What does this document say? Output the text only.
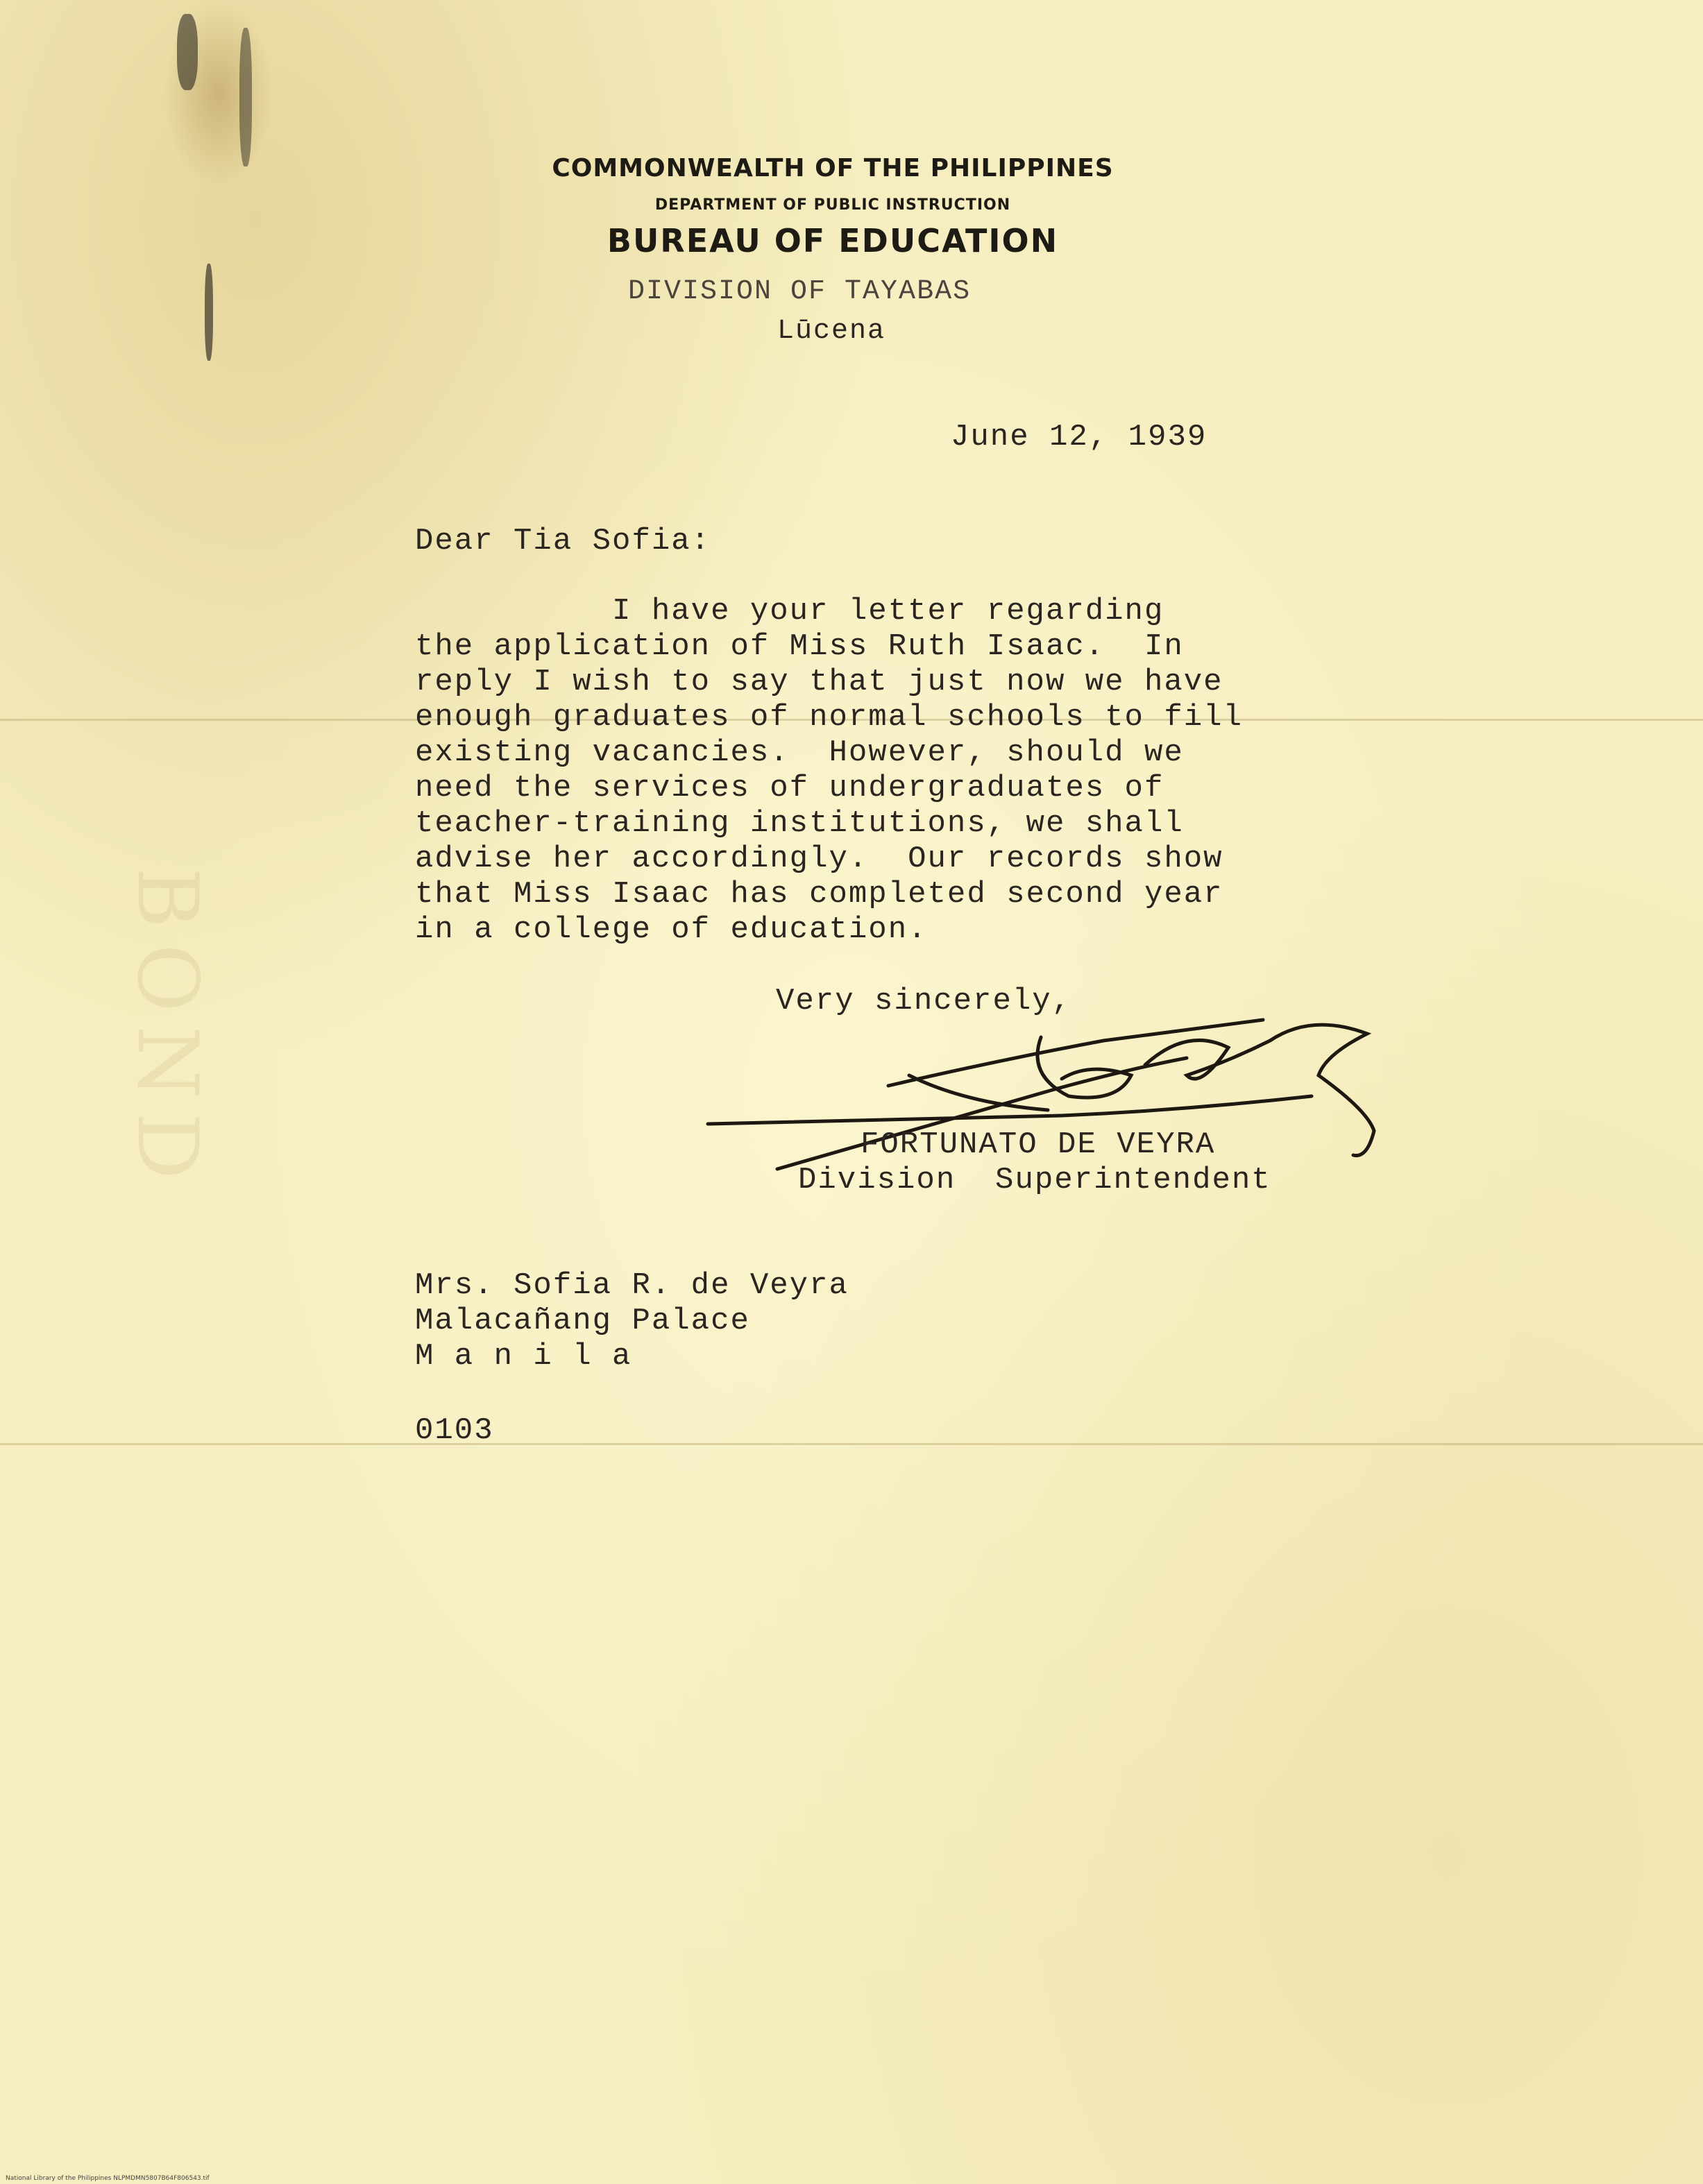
BOND
COMMONWEALTH OF THE PHILIPPINES
DEPARTMENT OF PUBLIC INSTRUCTION
BUREAU OF EDUCATION
DIVISION OF TAYABAS
Lūcena
June 12, 1939
Dear Tia Sofia:
I have your letter regarding
the application of Miss Ruth Isaac.  In
reply I wish to say that just now we have
enough graduates of normal schools to fill
existing vacancies.  However, should we
need the services of undergraduates of
teacher-training institutions, we shall
advise her accordingly.  Our records show
that Miss Isaac has completed second year
in a college of education.
Very sincerely,
FORTUNATO DE VEYRA
Division  Superintendent
Mrs. Sofia R. de Veyra
Malacañang Palace
M a n i l a
0103
National Library of the Philippines NLPMDMN5807B64F806543.tif
